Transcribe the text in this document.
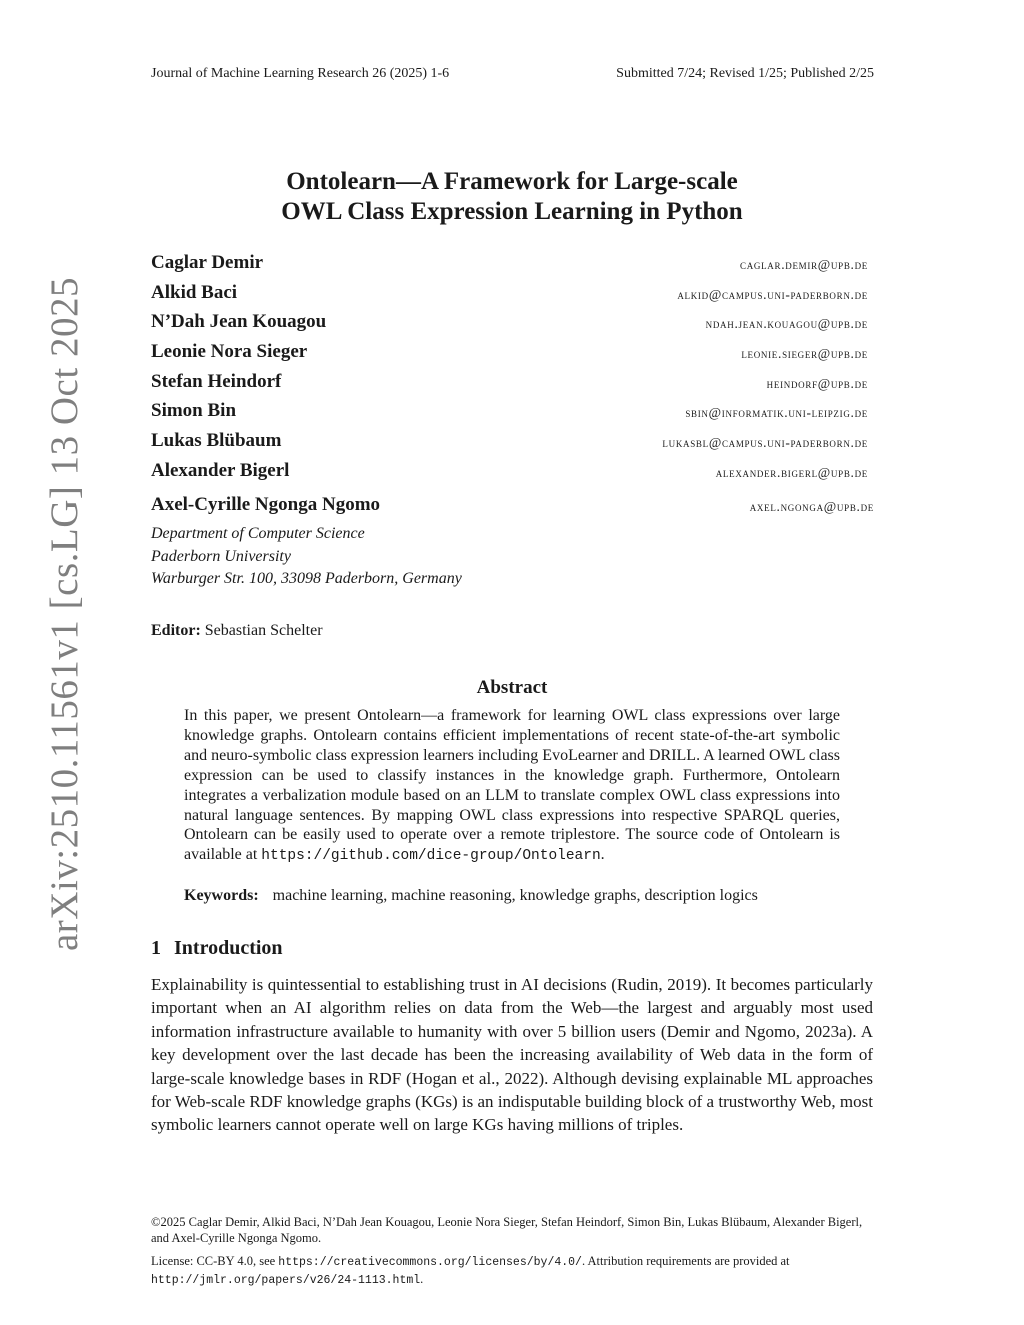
Journal of Machine Learning Research 26 (2025) 1-6	Submitted 7/24; Revised 1/25; Published 2/25
arXiv:2510.11561v1 [cs.LG] 13 Oct 2025
Ontolearn—A Framework for Large-scale
OWL Class Expression Learning in Python
Caglar Demir	caglar.demir@upb.de
Alkid Baci	alkid@campus.uni-paderborn.de
N’Dah Jean Kouagou	ndah.jean.kouagou@upb.de
Leonie Nora Sieger	leonie.sieger@upb.de
Stefan Heindorf	heindorf@upb.de
Simon Bin	sbin@informatik.uni-leipzig.de
Lukas Blübaum	lukasbl@campus.uni-paderborn.de
Alexander Bigerl	alexander.bigerl@upb.de
Axel-Cyrille Ngonga Ngomo	axel.ngonga@upb.de
Department of Computer Science
Paderborn University
Warburger Str. 100, 33098 Paderborn, Germany
Editor: Sebastian Schelter
Abstract
In this paper, we present Ontolearn—a framework for learning OWL class expressions over large knowledge graphs. Ontolearn contains efficient implementations of recent state-of-the-art symbolic and neuro-symbolic class expression learners including EvoLearner and DRILL. A learned OWL class expression can be used to classify instances in the knowledge graph. Furthermore, Ontolearn integrates a verbalization module based on an LLM to translate complex OWL class expressions into natural language sentences. By mapping OWL class expressions into respective SPARQL queries, Ontolearn can be easily used to operate over a remote triplestore. The source code of Ontolearn is available at https://github.com/dice-group/Ontolearn.
Keywords: machine learning, machine reasoning, knowledge graphs, description logics
1 Introduction
Explainability is quintessential to establishing trust in AI decisions (Rudin, 2019). It becomes particularly important when an AI algorithm relies on data from the Web—the largest and arguably most used information infrastructure available to humanity with over 5 billion users (Demir and Ngomo, 2023a). A key development over the last decade has been the increasing availability of Web data in the form of large-scale knowledge bases in RDF (Hogan et al., 2022). Although devising explainable ML approaches for Web-scale RDF knowledge graphs (KGs) is an indisputable building block of a trustworthy Web, most symbolic learners cannot operate well on large KGs having millions of triples.
©2025 Caglar Demir, Alkid Baci, N’Dah Jean Kouagou, Leonie Nora Sieger, Stefan Heindorf, Simon Bin, Lukas Blübaum, Alexander Bigerl, and Axel-Cyrille Ngonga Ngomo.
License: CC-BY 4.0, see https://creativecommons.org/licenses/by/4.0/. Attribution requirements are provided at
http://jmlr.org/papers/v26/24-1113.html.
